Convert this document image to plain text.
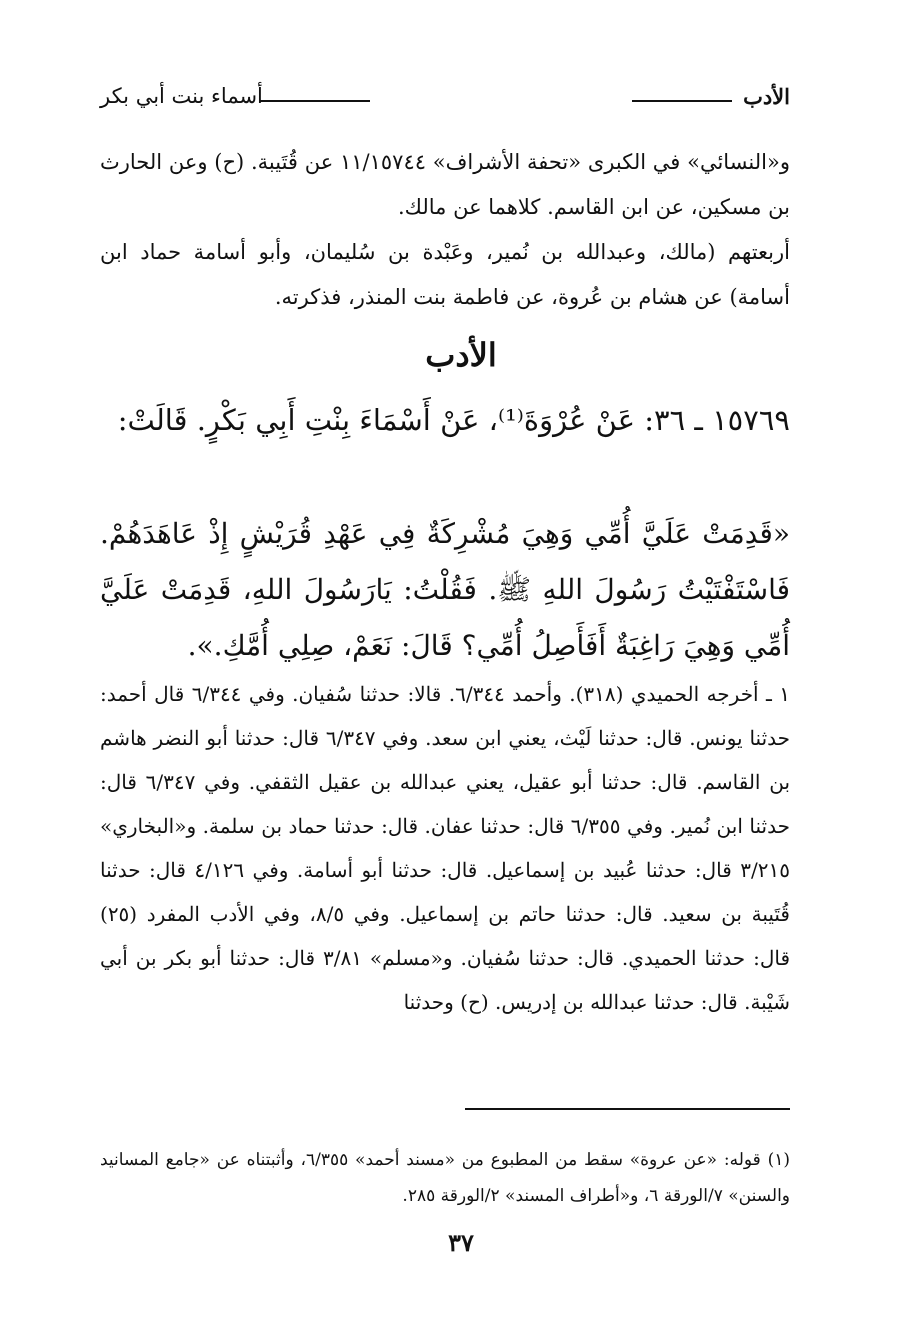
الأدب
أسماء بنت أبي بكر

و«النسائي» في الكبرى «تحفة الأشراف» ١١/١٥٧٤٤ عن قُتَيبة. (ح) وعن الحارث بن مسكين، عن ابن القاسم. كلاهما عن مالك.

أربعتهم (مالك، وعبدالله بن نُمير، وعَبْدة بن سُليمان، وأبو أسامة حماد ابن أسامة) عن هشام بن عُروة، عن فاطمة بنت المنذر، فذكرته.

الأدب
١٥٧٦٩ ـ ٣٦: عَنْ عُرْوَةَ⁽¹⁾، عَنْ أَسْمَاءَ بِنْتِ أَبِي بَكْرٍ. قَالَتْ:
«قَدِمَتْ عَلَيَّ أُمِّي وَهِيَ مُشْرِكَةٌ فِي عَهْدِ قُرَيْشٍ إِذْ عَاهَدَهُمْ. فَاسْتَفْتَيْتُ رَسُولَ اللهِ ﷺ. فَقُلْتُ: يَارَسُولَ اللهِ، قَدِمَتْ عَلَيَّ أُمِّي وَهِيَ رَاغِبَةٌ أَفَأَصِلُ أُمِّي؟ قَالَ: نَعَمْ، صِلِي أُمَّكِ.».
١ ـ أخرجه الحميدي (٣١٨). وأحمد ٦/٣٤٤. قالا: حدثنا سُفيان. وفي ٦/٣٤٤ قال أحمد: حدثنا يونس. قال: حدثنا لَيْث، يعني ابن سعد. وفي ٦/٣٤٧ قال: حدثنا أبو النضر هاشم بن القاسم. قال: حدثنا أبو عقيل، يعني عبدالله بن عقيل الثقفي. وفي ٦/٣٤٧ قال: حدثنا ابن نُمير. وفي ٦/٣٥٥ قال: حدثنا عفان. قال: حدثنا حماد بن سلمة. و«البخاري» ٣/٢١٥ قال: حدثنا عُبيد بن إسماعيل. قال: حدثنا أبو أسامة. وفي ٤/١٢٦ قال: حدثنا قُتَيبة بن سعيد. قال: حدثنا حاتم بن إسماعيل. وفي ٨/٥، وفي الأدب المفرد (٢٥) قال: حدثنا الحميدي. قال: حدثنا سُفيان. و«مسلم» ٣/٨١ قال: حدثنا أبو بكر بن أبي شَيْبة. قال: حدثنا عبدالله بن إدريس. (ح) وحدثنا
(١) قوله: «عن عروة» سقط من المطبوع من «مسند أحمد» ٦/٣٥٥، وأثبتناه عن «جامع المسانيد والسنن» ٧/الورقة ٦، و«أطراف المسند» ٢/الورقة ٢٨٥.
٣٧
